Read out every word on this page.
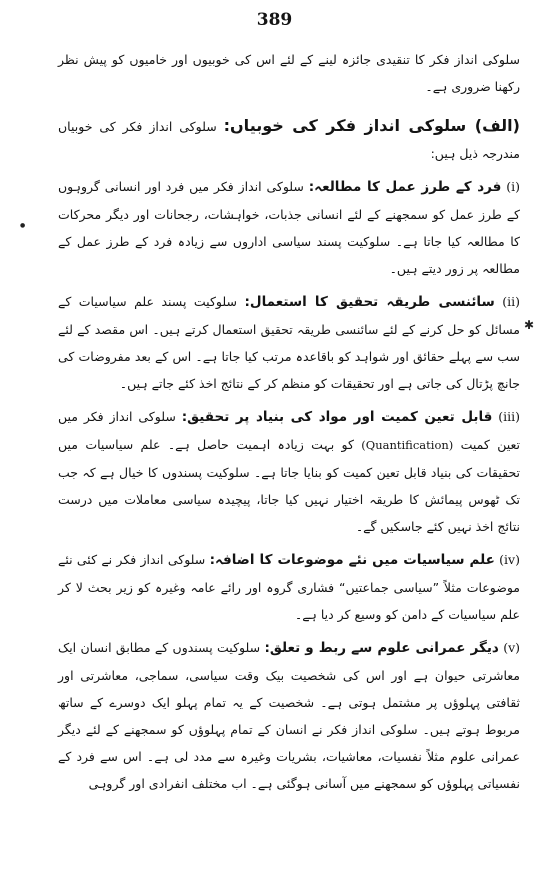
389

سلوکی انداز فکر کا تنقیدی جائزہ لینے کے لئے اس کی خوبیوں اور خامیوں کو پیش نظر رکھنا ضروری ہے۔

(الف) سلوکی انداز فکر کی خوبیاں: سلوکی انداز فکر کی خوبیاں مندرجہ ذیل ہیں:

(i) فرد کے طرز عمل کا مطالعہ: سلوکی انداز فکر میں فرد اور انسانی گروہوں کے طرز عمل کو سمجھنے کے لئے انسانی جذبات، خواہشات، رجحانات اور دیگر محرکات کا مطالعہ کیا جاتا ہے۔ سلوکیت پسند سیاسی اداروں سے زیادہ فرد کے طرز عمل کے مطالعہ پر زور دیتے ہیں۔

(ii) سائنسی طریقہ تحقیق کا استعمال: سلوکیت پسند علم سیاسیات کے مسائل کو حل کرنے کے لئے سائنسی طریقہ تحقیق استعمال کرتے ہیں۔ اس مقصد کے لئے سب سے پہلے حقائق اور شواہد کو باقاعدہ مرتب کیا جاتا ہے۔ اس کے بعد مفروضات کی جانچ پڑتال کی جاتی ہے اور تحقیقات کو منظم کر کے نتائج اخذ کئے جاتے ہیں۔

(iii) قابل تعین کمیت اور مواد کی بنیاد پر تحقیق: سلوکی انداز فکر میں تعین کمیت (Quantification) کو بہت زیادہ اہمیت حاصل ہے۔ علم سیاسیات میں تحقیقات کی بنیاد قابل تعین کمیت کو بنایا جاتا ہے۔ سلوکیت پسندوں کا خیال ہے کہ جب تک ٹھوس پیمائش کا طریقہ اختیار نہیں کیا جاتا، پیچیدہ سیاسی معاملات میں درست نتائج اخذ نہیں کئے جاسکیں گے۔

(iv) علم سیاسیات میں نئے موضوعات کا اضافہ: سلوکی انداز فکر نے کئی نئے موضوعات مثلاً ”سیاسی جماعتیں“ فشاری گروہ اور رائے عامہ وغیرہ کو زیر بحث لا کر علم سیاسیات کے دامن کو وسیع کر دیا ہے۔

(v) دیگر عمرانی علوم سے ربط و تعلق: سلوکیت پسندوں کے مطابق انسان ایک معاشرتی حیوان ہے اور اس کی شخصیت بیک وقت سیاسی، سماجی، معاشرتی اور ثقافتی پہلوؤں پر مشتمل ہوتی ہے۔ شخصیت کے یہ تمام پہلو ایک دوسرے کے ساتھ مربوط ہوتے ہیں۔ سلوکی انداز فکر نے انسان کے تمام پہلوؤں کو سمجھنے کے لئے دیگر عمرانی علوم مثلاً نفسیات، معاشیات، بشریات وغیرہ سے مدد لی ہے۔ اس سے فرد کے نفسیاتی پہلوؤں کو سمجھنے میں آسانی ہوگئی ہے۔ اب مختلف انفرادی اور گروہی

✱
●
